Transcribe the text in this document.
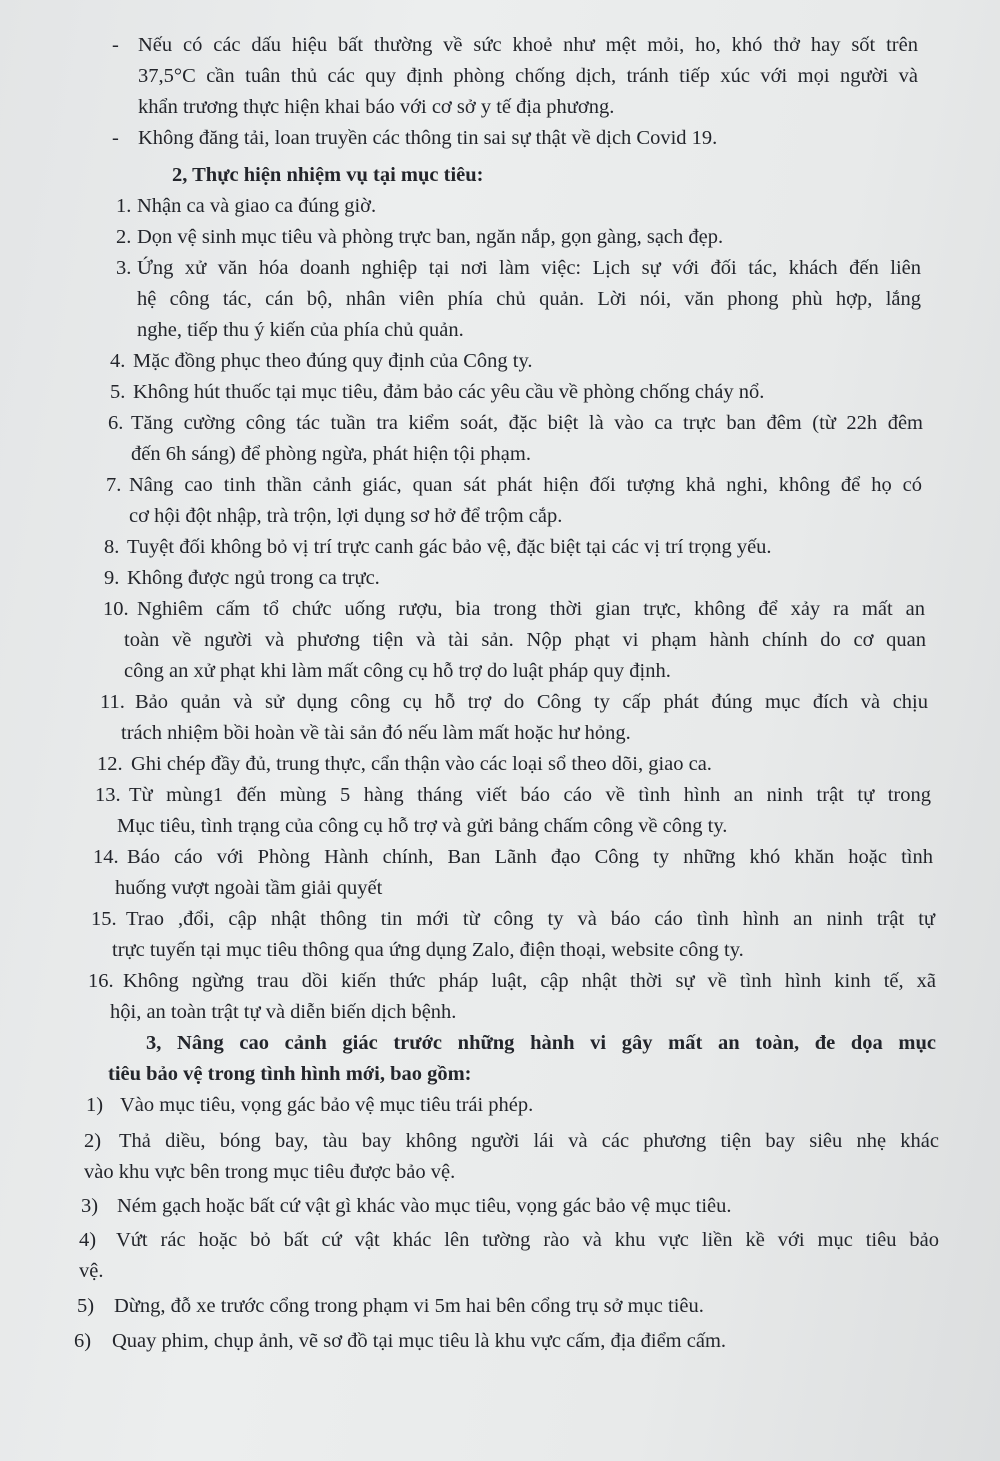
- Nếu có các dấu hiệu bất thường về sức khoẻ như mệt mỏi, ho, khó thở hay sốt trên
37,5°C cần tuân thủ các quy định phòng chống dịch, tránh tiếp xúc với mọi người và
khẩn trương thực hiện khai báo với cơ sở y tế địa phương.
- Không đăng tải, loan truyền các thông tin sai sự thật về dịch Covid 19.
2, Thực hiện nhiệm vụ tại mục tiêu:
1. Nhận ca và giao ca đúng giờ.
2. Dọn vệ sinh mục tiêu và phòng trực ban, ngăn nắp, gọn gàng, sạch đẹp.
3. Ứng xử văn hóa doanh nghiệp tại nơi làm việc: Lịch sự với đối tác, khách đến liên
hệ công tác, cán bộ, nhân viên phía chủ quản. Lời nói, văn phong phù hợp, lắng
nghe, tiếp thu ý kiến của phía chủ quản.
4. Mặc đồng phục theo đúng quy định của Công ty.
5. Không hút thuốc tại mục tiêu, đảm bảo các yêu cầu về phòng chống cháy nổ.
6. Tăng cường công tác tuần tra kiểm soát, đặc biệt là vào ca trực ban đêm (từ 22h đêm
đến 6h sáng) để phòng ngừa, phát hiện tội phạm.
7. Nâng cao tinh thần cảnh giác, quan sát phát hiện đối tượng khả nghi, không để họ có
cơ hội đột nhập, trà trộn, lợi dụng sơ hở để trộm cắp.
8. Tuyệt đối không bỏ vị trí trực canh gác bảo vệ, đặc biệt tại các vị trí trọng yếu.
9. Không được ngủ trong ca trực.
10. Nghiêm cấm tổ chức uống rượu, bia trong thời gian trực, không để xảy ra mất an
toàn về người và phương tiện và tài sản. Nộp phạt vi phạm hành chính do cơ quan
công an xử phạt khi làm mất công cụ hỗ trợ do luật pháp quy định.
11. Bảo quản và sử dụng công cụ hỗ trợ do Công ty cấp phát đúng mục đích và chịu
trách nhiệm bồi hoàn về tài sản đó nếu làm mất hoặc hư hỏng.
12. Ghi chép đầy đủ, trung thực, cẩn thận vào các loại sổ theo dõi, giao ca.
13. Từ mùng1 đến mùng 5 hàng tháng viết báo cáo về tình hình an ninh trật tự trong
Mục tiêu, tình trạng của công cụ hỗ trợ và gửi bảng chấm công về công ty.
14. Báo cáo với Phòng Hành chính, Ban Lãnh đạo Công ty những khó khăn hoặc tình
huống vượt ngoài tầm giải quyết
15. Trao ,đổi, cập nhật thông tin mới từ công ty và báo cáo tình hình an ninh trật tự
trực tuyến tại mục tiêu thông qua ứng dụng Zalo, điện thoại, website công ty.
16. Không ngừng trau dồi kiến thức pháp luật, cập nhật thời sự về tình hình kinh tế, xã
hội, an toàn trật tự và diễn biến dịch bệnh.
3, Nâng cao cảnh giác trước những hành vi gây mất an toàn, đe dọa mục
tiêu bảo vệ trong tình hình mới, bao gồm:
1) Vào mục tiêu, vọng gác bảo vệ mục tiêu trái phép.
2) Thả diều, bóng bay, tàu bay không người lái và các phương tiện bay siêu nhẹ khác
vào khu vực bên trong mục tiêu được bảo vệ.
3) Ném gạch hoặc bất cứ vật gì khác vào mục tiêu, vọng gác bảo vệ mục tiêu.
4) Vứt rác hoặc bỏ bất cứ vật khác lên tường rào và khu vực liền kề với mục tiêu bảo
vệ.
5) Dừng, đỗ xe trước cổng trong phạm vi 5m hai bên cổng trụ sở mục tiêu.
6) Quay phim, chụp ảnh, vẽ sơ đồ tại mục tiêu là khu vực cấm, địa điểm cấm.
